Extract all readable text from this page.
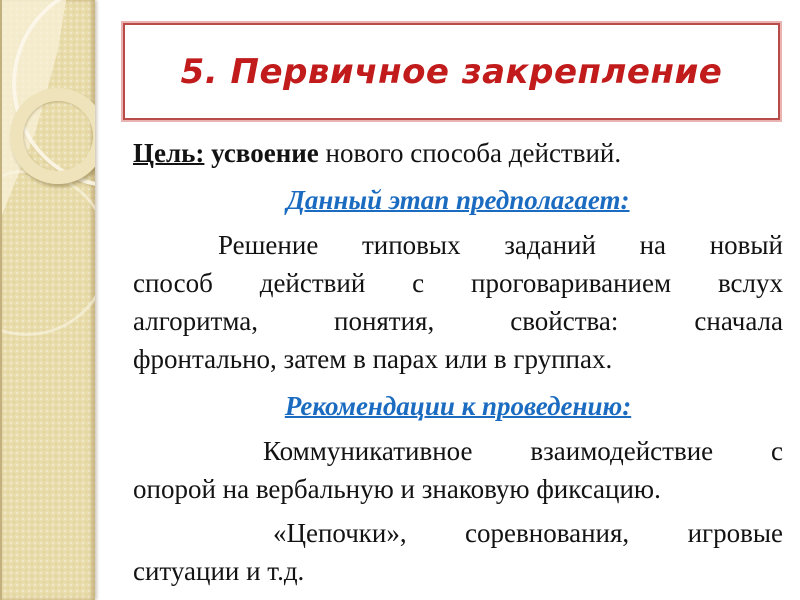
5. Первичное закрепление
Цель: усвоение нового способа действий.
Данный этап предполагает:
Решение типовых заданий на новый
способ действий с проговариванием вслух
алгоритма, понятия, свойства: сначала
фронтально, затем в парах или в группах.
Рекомендации к проведению:
Коммуникативное взаимодействие с
опорой на вербальную и знаковую фиксацию.
«Цепочки», соревнования, игровые
ситуации и т.д.
